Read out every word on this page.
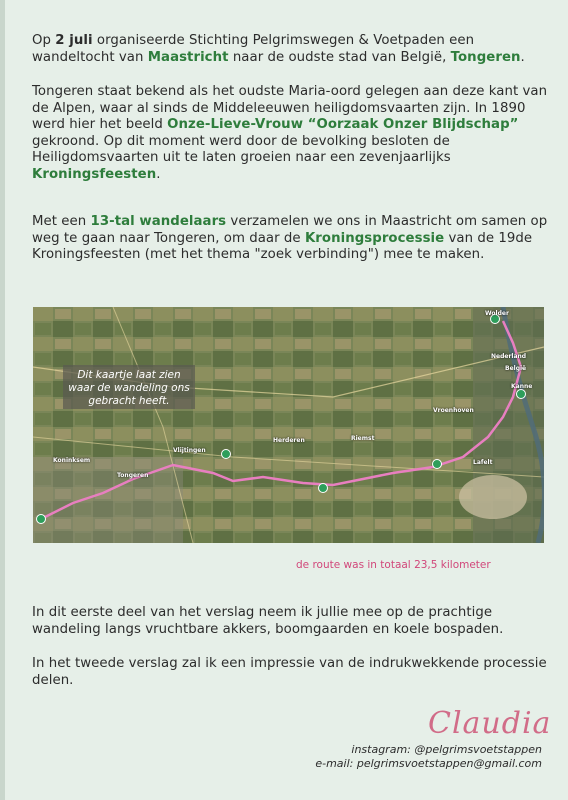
Op 2 juli organiseerde Stichting Pelgrimswegen & Voetpaden een wandeltocht van Maastricht naar de oudste stad van België, Tongeren.

Tongeren staat bekend als het oudste Maria-oord gelegen aan deze kant van de Alpen, waar al sinds de Middeleeuwen heiligdomsvaarten zijn. In 1890 werd hier het beeld Onze-Lieve-Vrouw “Oorzaak Onzer Blijdschap” gekroond. Op dit moment werd door de bevolking besloten de Heiligdomsvaarten uit te laten groeien naar een zevenjaarlijks Kroningsfeesten.

Met een 13-tal wandelaars verzamelen we ons in Maastricht om samen op weg te gaan naar Tongeren, om daar de Kroningsprocessie van de 19de Kroningsfeesten (met het thema "zoek verbinding") mee te maken.

Dit kaartje laat zien waar de wandeling ons gebracht heeft.
Tongeren
Riemst
Kanne
Wolder
België
Nederland
Vlijtingen
Herderen
Lafelt
Koninksem
Vroenhoven
de route was in totaal 23,5 kilometer

In dit eerste deel van het verslag neem ik jullie mee op de prachtige wandeling langs vruchtbare akkers, boomgaarden en koele bospaden.

In het tweede verslag zal ik een impressie van de indrukwekkende processie delen.

Claudia
instagram: @pelgrimsvoetstappen
e-mail: pelgrimsvoetstappen@gmail.com
